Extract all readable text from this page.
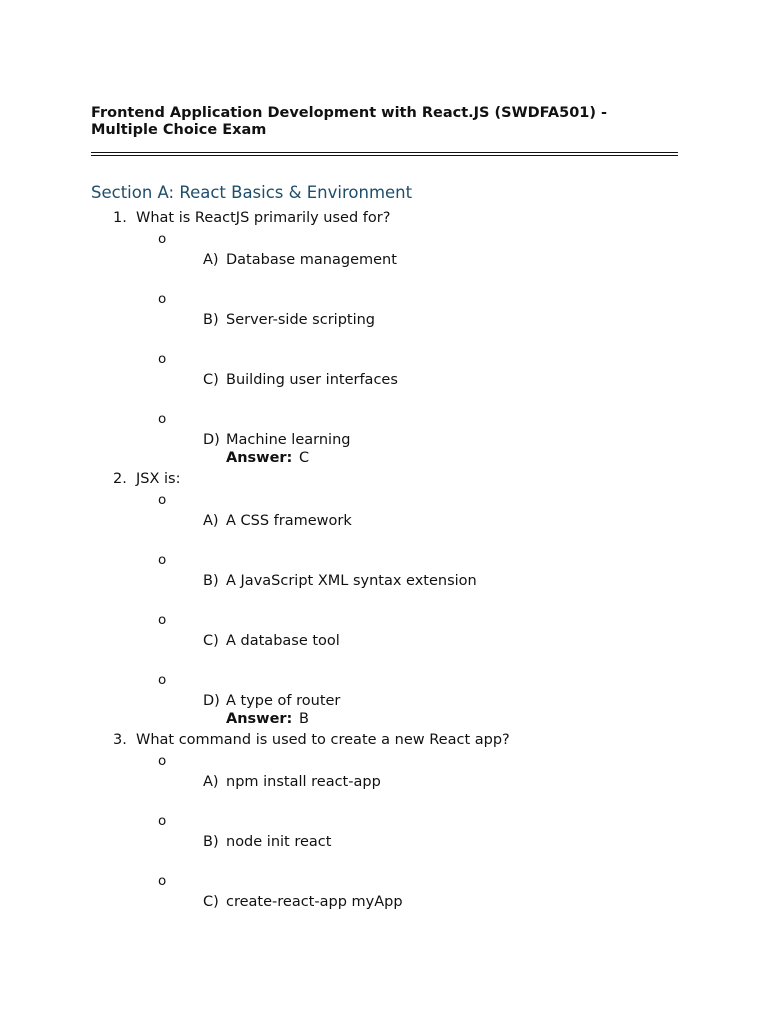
Frontend Application Development with React.JS (SWDFA501) - Multiple Choice Exam
Section A: React Basics & Environment
1. What is ReactJS primarily used for?
o
A) Database management
o
B) Server-side scripting
o
C) Building user interfaces
o
D) Machine learning
Answer: C
2. JSX is:
o
A) A CSS framework
o
B) A JavaScript XML syntax extension
o
C) A database tool
o
D) A type of router
Answer: B
3. What command is used to create a new React app?
o
A) npm install react-app
o
B) node init react
o
C) create-react-app myApp
